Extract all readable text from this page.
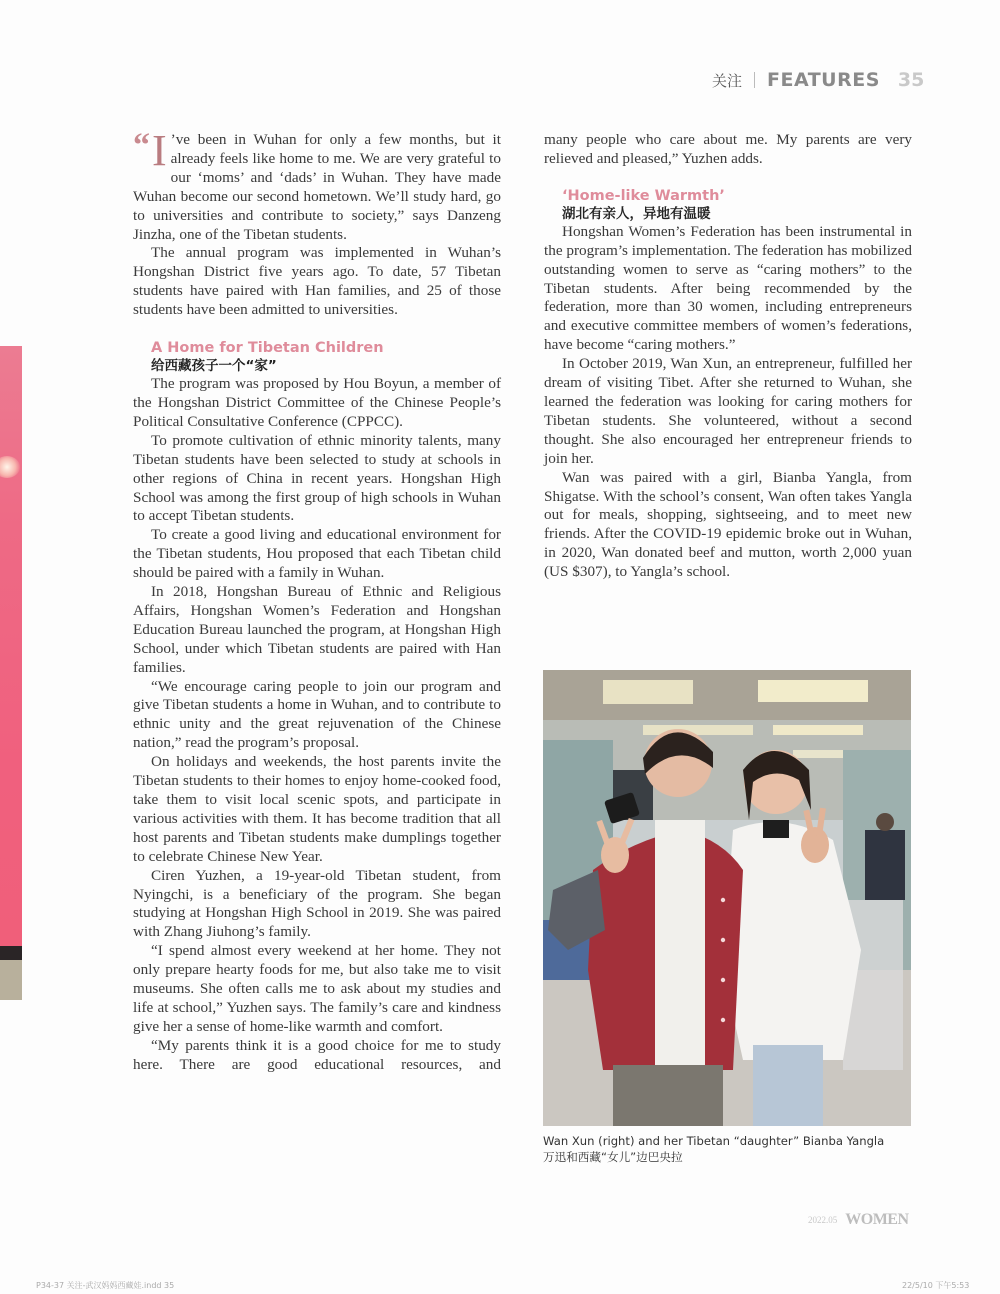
关注 FEATURES 35

“ I ’ve been in Wuhan for only a few months, but it already feels like home to me. We are very grateful to our ‘moms’ and ‘dads’ in Wuhan. They have made Wuhan become our second hometown. We’ll study hard, go to universities and contribute to society,” says Danzeng Jinzha, one of the Tibetan students.

The annual program was implemented in Wuhan’s Hongshan District five years ago. To date, 57 Tibetan students have paired with Han families, and 25 of those students have been admitted to universities.

A Home for Tibetan Children

给西藏孩子一个“家”

The program was proposed by Hou Boyun, a member of the Hongshan District Committee of the Chinese People’s Political Consultative Conference (CPPCC).

To promote cultivation of ethnic minority talents, many Tibetan students have been selected to study at schools in other regions of China in recent years. Hongshan High School was among the first group of high schools in Wuhan to accept Tibetan students.

To create a good living and educational environment for the Tibetan students, Hou proposed that each Tibetan child should be paired with a family in Wuhan.

In 2018, Hongshan Bureau of Ethnic and Religious Affairs, Hongshan Women’s Federation and Hongshan Education Bureau launched the program, at Hongshan High School, under which Tibetan students are paired with Han families.

“We encourage caring people to join our program and give Tibetan students a home in Wuhan, and to contribute to ethnic unity and the great rejuvenation of the Chinese nation,” read the program’s proposal.

On holidays and weekends, the host parents invite the Tibetan students to their homes to enjoy home-cooked food, take them to visit local scenic spots, and participate in various activities with them. It has become tradition that all host parents and Tibetan students make dumplings together to celebrate Chinese New Year.

Ciren Yuzhen, a 19-year-old Tibetan student, from Nyingchi, is a beneficiary of the program. She began studying at Hongshan High School in 2019. She was paired with Zhang Jiuhong’s family.

“I spend almost every weekend at her home. They not only prepare hearty foods for me, but also take me to visit museums. She often calls me to ask about my studies and life at school,” Yuzhen says. The family’s care and kindness give her a sense of home-like warmth and comfort.

“My parents think it is a good choice for me to study here. There are good educational resources, and

many people who care about me. My parents are very relieved and pleased,” Yuzhen adds.

‘Home-like Warmth’

湖北有亲人，异地有温暖

Hongshan Women’s Federation has been instrumental in the program’s implementation. The federation has mobilized outstanding women to serve as “caring mothers” to the Tibetan students. After being recommended by the federation, more than 30 women, including entrepreneurs and executive committee members of women’s federations, have become “caring mothers.”

In October 2019, Wan Xun, an entrepreneur, fulfilled her dream of visiting Tibet. After she returned to Wuhan, she learned the federation was looking for caring mothers for Tibetan students. She volunteered, without a second thought. She also encouraged her entrepreneur friends to join her.

Wan was paired with a girl, Bianba Yangla, from Shigatse. With the school’s consent, Wan often takes Yangla out for meals, shopping, sightseeing, and to meet new friends. After the COVID-19 epidemic broke out in Wuhan, in 2020, Wan donated beef and mutton, worth 2,000 yuan (US $307), to Yangla’s school.

Wan Xun (right) and her Tibetan “daughter” Bianba Yangla
万迅和西藏“女儿”边巴央拉
2022.05 WOMEN
P34-37 关注-武汉妈妈西藏娃.indd 35	22/5/10 下午5:53
